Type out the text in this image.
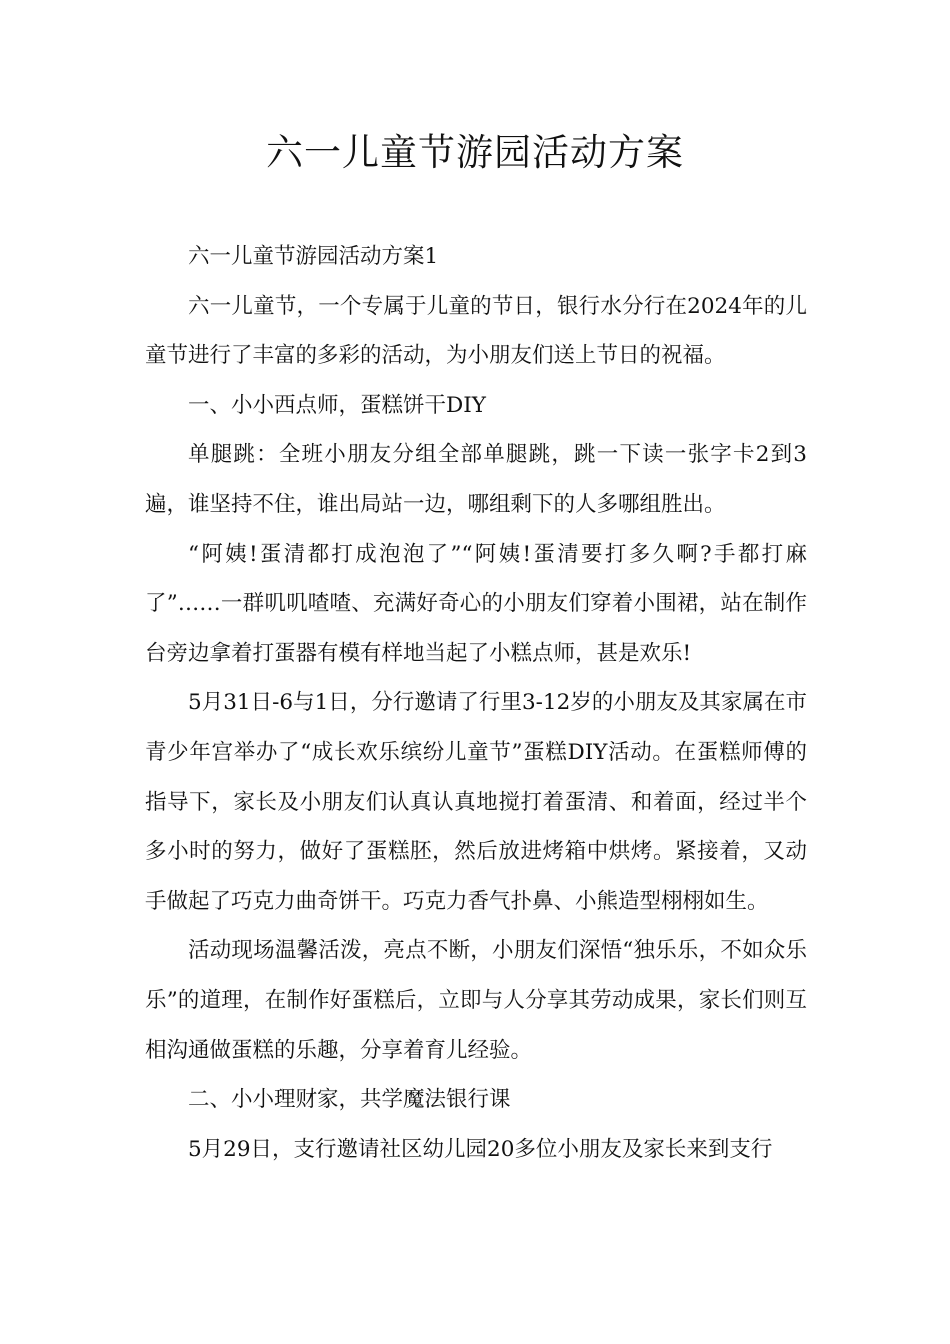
六一儿童节游园活动方案

六一儿童节游园活动方案1

六一儿童节，一个专属于儿童的节日，银行水分行在2024年的儿童节进行了丰富的多彩的活动，为小朋友们送上节日的祝福。

一、小小西点师，蛋糕饼干DIY

单腿跳：全班小朋友分组全部单腿跳，跳一下读一张字卡2到3遍，谁坚持不住，谁出局站一边，哪组剩下的人多哪组胜出。

“阿姨!蛋清都打成泡泡了”“阿姨!蛋清要打多久啊?手都打麻了”……一群叽叽喳喳、充满好奇心的小朋友们穿着小围裙，站在制作台旁边拿着打蛋器有模有样地当起了小糕点师，甚是欢乐!

5月31日-6与1日，分行邀请了行里3-12岁的小朋友及其家属在市青少年宫举办了“成长欢乐缤纷儿童节”蛋糕DIY活动。在蛋糕师傅的指导下，家长及小朋友们认真认真地搅打着蛋清、和着面，经过半个多小时的努力，做好了蛋糕胚，然后放进烤箱中烘烤。紧接着，又动手做起了巧克力曲奇饼干。巧克力香气扑鼻、小熊造型栩栩如生。

活动现场温馨活泼，亮点不断，小朋友们深悟“独乐乐，不如众乐乐”的道理，在制作好蛋糕后，立即与人分享其劳动成果，家长们则互相沟通做蛋糕的乐趣，分享着育儿经验。

二、小小理财家，共学魔法银行课

5月29日，支行邀请社区幼儿园20多位小朋友及家长来到支行
